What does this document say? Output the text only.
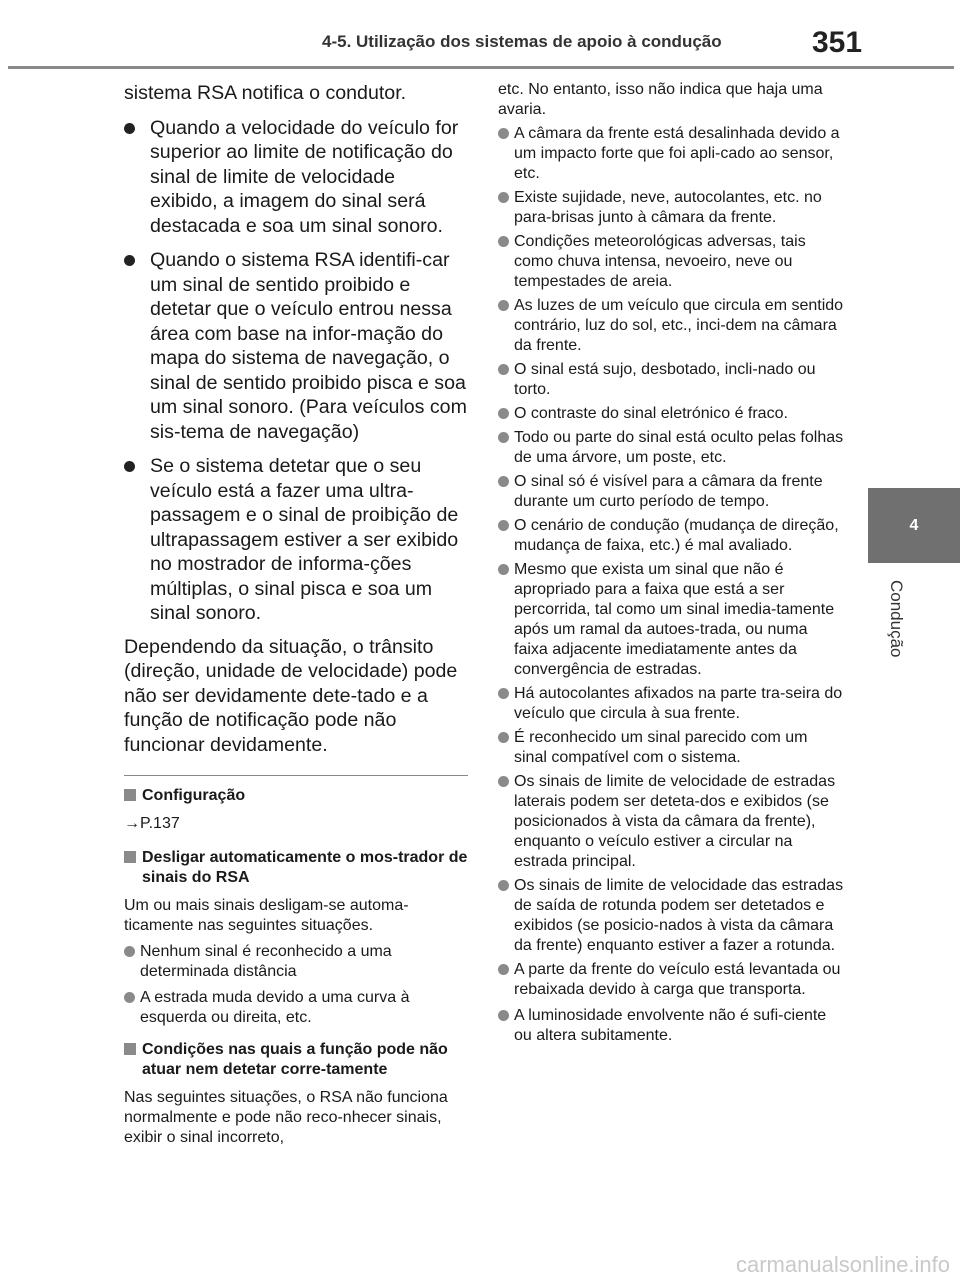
4-5. Utilização dos sistemas de apoio à condução	351
4
Condução
sistema RSA notifica o condutor.
Quando a velocidade do veículo for superior ao limite de notificação do sinal de limite de velocidade exibido, a imagem do sinal será destacada e soa um sinal sonoro.
Quando o sistema RSA identifi-car um sinal de sentido proibido e detetar que o veículo entrou nessa área com base na infor-mação do mapa do sistema de navegação, o sinal de sentido proibido pisca e soa um sinal sonoro. (Para veículos com sis-tema de navegação)
Se o sistema detetar que o seu veículo está a fazer uma ultra-passagem e o sinal de proibição de ultrapassagem estiver a ser exibido no mostrador de informa-ções múltiplas, o sinal pisca e soa um sinal sonoro.
Dependendo da situação, o trânsito (direção, unidade de velocidade) pode não ser devidamente dete-tado e a função de notificação pode não funcionar devidamente.
Configuração
→P.137
Desligar automaticamente o mos-trador de sinais do RSA
Um ou mais sinais desligam-se automa-ticamente nas seguintes situações.
Nenhum sinal é reconhecido a uma determinada distância
A estrada muda devido a uma curva à esquerda ou direita, etc.
Condições nas quais a função pode não atuar nem detetar corre-tamente
Nas seguintes situações, o RSA não funciona normalmente e pode não reco-nhecer sinais, exibir o sinal incorreto,
etc. No entanto, isso não indica que haja uma avaria.
A câmara da frente está desalinhada devido a um impacto forte que foi apli-cado ao sensor, etc.
Existe sujidade, neve, autocolantes, etc. no para-brisas junto à câmara da frente.
Condições meteorológicas adversas, tais como chuva intensa, nevoeiro, neve ou tempestades de areia.
As luzes de um veículo que circula em sentido contrário, luz do sol, etc., inci-dem na câmara da frente.
O sinal está sujo, desbotado, incli-nado ou torto.
O contraste do sinal eletrónico é fraco.
Todo ou parte do sinal está oculto pelas folhas de uma árvore, um poste, etc.
O sinal só é visível para a câmara da frente durante um curto período de tempo.
O cenário de condução (mudança de direção, mudança de faixa, etc.) é mal avaliado.
Mesmo que exista um sinal que não é apropriado para a faixa que está a ser percorrida, tal como um sinal imedia-tamente após um ramal da autoes-trada, ou numa faixa adjacente imediatamente antes da convergência de estradas.
Há autocolantes afixados na parte tra-seira do veículo que circula à sua frente.
É reconhecido um sinal parecido com um sinal compatível com o sistema.
Os sinais de limite de velocidade de estradas laterais podem ser deteta-dos e exibidos (se posicionados à vista da câmara da frente), enquanto o veículo estiver a circular na estrada principal.
Os sinais de limite de velocidade das estradas de saída de rotunda podem ser detetados e exibidos (se posicio-nados à vista da câmara da frente) enquanto estiver a fazer a rotunda.
A parte da frente do veículo está levantada ou rebaixada devido à carga que transporta.
A luminosidade envolvente não é sufi-ciente ou altera subitamente.
carmanualsonline.info
